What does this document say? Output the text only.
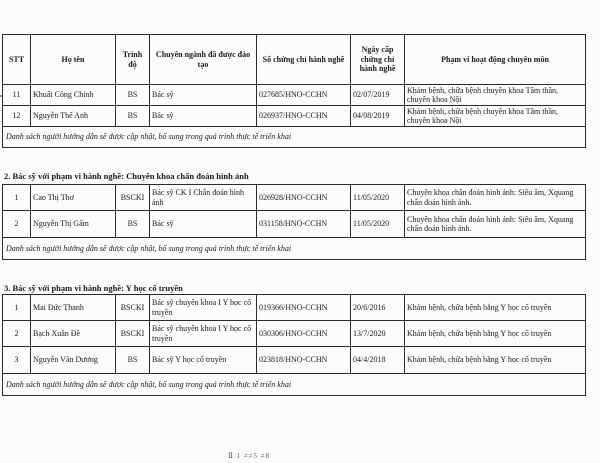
STT	Họ tên	Trình độ	Chuyên ngành đã được đào tạo	Số chứng chỉ hành nghề	Ngày cấp chứng chỉ hành nghề	Phạm vi hoạt động chuyên môn
11	Khuất Công Chính	BS	Bác sỹ	027685/HNO-CCHN	02/07/2019	Khám bệnh, chữa bệnh chuyên khoa Tâm thần, chuyên khoa Nội
12	Nguyễn Thế Anh	BS	Bác sỹ	026937/HNO-CCHN	04/08/2019	Khám bệnh, chữa bệnh chuyên khoa Tâm thần, chuyên khoa Nội
Danh sách người hướng dẫn sẽ được cập nhật, bổ sung trong quá trình thực tế triển khai						
2. Bác sỹ với phạm vi hành nghề: Chuyên khoa chẩn đoán hình ảnh
1	Cao Thị Thơ	BSCKI	Bác sỹ CK I Chẩn đoán hình ảnh	026928/HNO-CCHN	11/05/2020	Chuyên khoa chẩn đoán hình ảnh: Siêu âm, Xquang chẩn đoán hình ảnh.
2	Nguyễn Thị Gấm	BS	Bác sỹ	031158/HNO-CCHN	11/05/2020	Chuyên khoa chẩn đoán hình ảnh: Siêu âm, Xquang chẩn đoán hình ảnh.
Danh sách người hướng dẫn sẽ được cập nhật, bổ sung trong quá trình thực tế triển khai						
3. Bác sỹ với phạm vi hành nghề: Y học cổ truyền
1	Mai Đức Thanh	BSCKI	Bác sỹ chuyên khoa I Y học cổ truyền	019366/HNO-CCHN	20/6/2016	Khám bệnh, chữa bệnh bằng Y học cổ truyền
2	Bạch Xuân Đề	BSCKI	Bác sỹ chuyên khoa I Y học cổ truyền	030306/HNO-CCHN	13/7/2020	Khám bệnh, chữa bệnh bằng Y học cổ truyền
3	Nguyễn Văn Dương	BS	Bác sỹ Y học cổ truyền	023818/HNO-CCHN	04/4/2018	Khám bệnh, chữa bệnh bằng Y học cổ truyền
Danh sách người hướng dẫn sẽ được cập nhật, bổ sung trong quá trình thực tế triển khai						
Ⅱ 1 ≠≠5 ≠8
